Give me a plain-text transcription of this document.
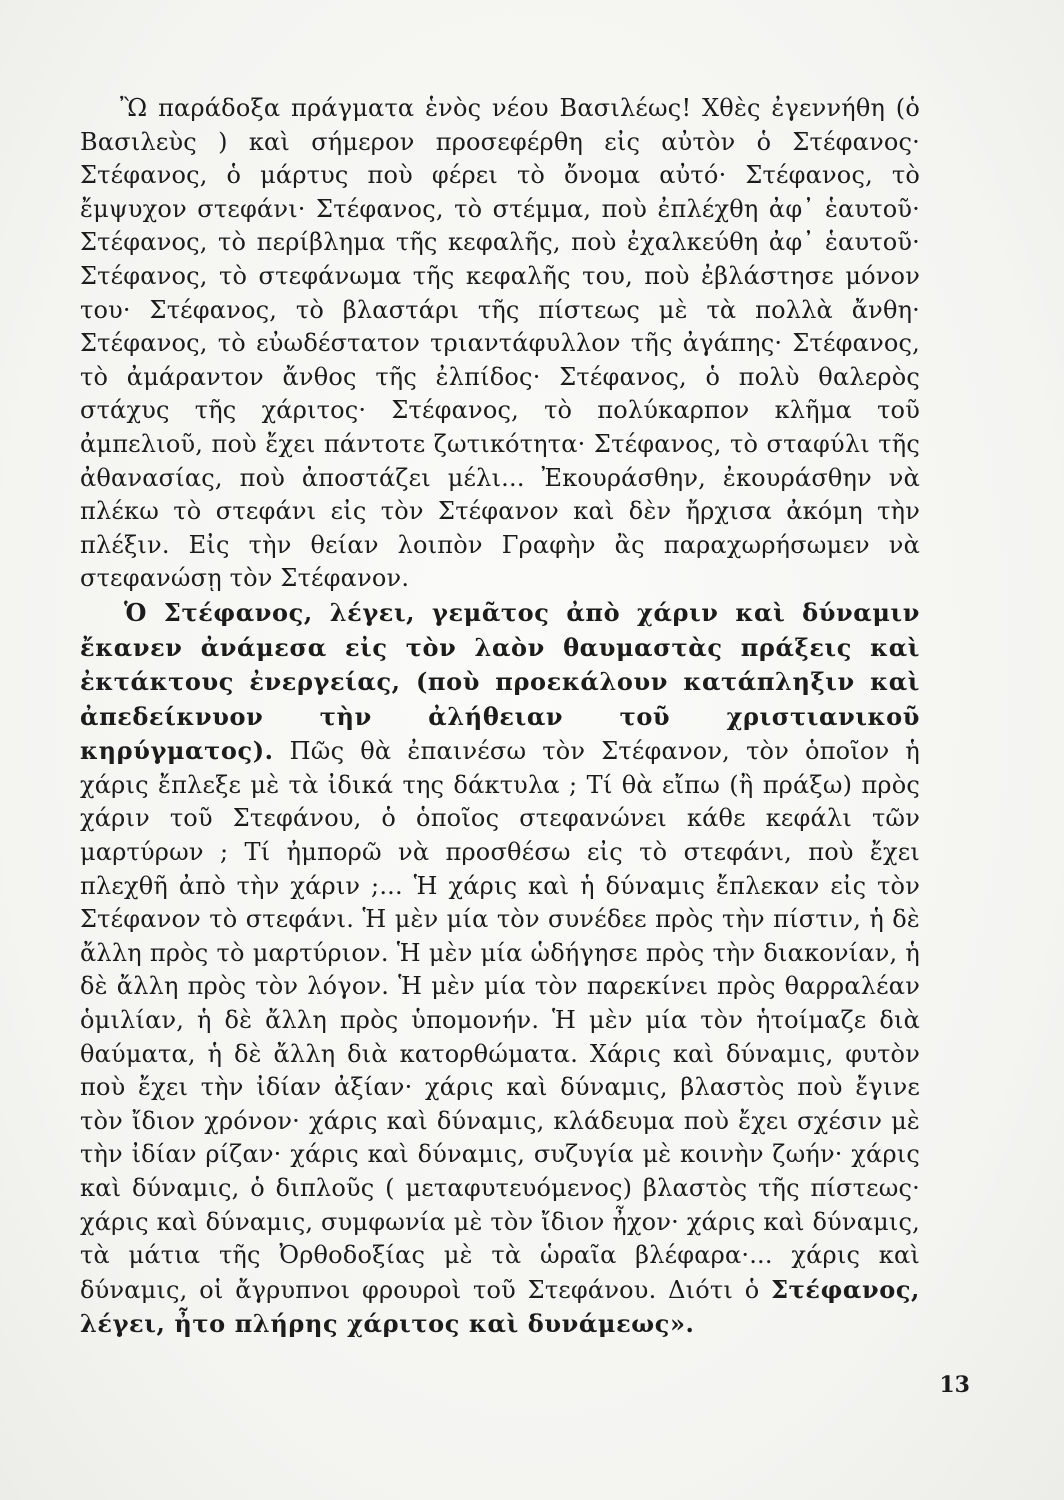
Ὢ παράδοξα πράγματα ἑνὸς νέου Βασιλέως! Χθὲς ἐγεννήθη (ὁ Βασιλεὺς ) καὶ σήμερον προσεφέρθη εἰς αὐτὸν ὁ Στέφανος· Στέφανος, ὁ μάρτυς ποὺ φέρει τὸ ὄνομα αὐτό· Στέφανος, τὸ ἔμψυχον στεφάνι· Στέφανος, τὸ στέμμα, ποὺ ἐπλέχθη ἀφ᾽ ἑαυτοῦ· Στέφανος, τὸ περίβλημα τῆς κεφαλῆς, ποὺ ἐχαλκεύθη ἀφ᾽ ἑαυτοῦ· Στέφανος, τὸ στεφάνωμα τῆς κεφαλῆς του, ποὺ ἐβλάστησε μόνον του· Στέφανος, τὸ βλαστάρι τῆς πίστεως μὲ τὰ πολλὰ ἄνθη· Στέφανος, τὸ εὐωδέστατον τριαντάφυλλον τῆς ἀγάπης· Στέφανος, τὸ ἀμάραντον ἄνθος τῆς ἐλπίδος· Στέφανος, ὁ πολὺ θαλερὸς στάχυς τῆς χάριτος· Στέφανος, τὸ πολύκαρπον κλῆμα τοῦ ἀμπελιοῦ, ποὺ ἔχει πάντοτε ζωτικότητα· Στέφανος, τὸ σταφύλι τῆς ἀθανασίας, ποὺ ἀποστάζει μέλι... Ἐκουράσθην, ἐκουράσθην νὰ πλέκω τὸ στεφάνι εἰς τὸν Στέφανον καὶ δὲν ἤρχισα ἀκόμη τὴν πλέξιν. Εἰς τὴν θείαν λοιπὸν Γραφὴν ἂς παραχωρήσωμεν νὰ στεφανώσῃ τὸν Στέφανον.

Ὁ Στέφανος, λέγει, γεμᾶτος ἀπὸ χάριν καὶ δύναμιν ἔκανεν ἀνάμεσα εἰς τὸν λαὸν θαυμαστὰς πράξεις καὶ ἐκτάκτους ἐνεργείας, (ποὺ προεκάλουν κατάπληξιν καὶ ἀπεδείκνυον τὴν ἀλήθειαν τοῦ χριστιανικοῦ κηρύγματος). Πῶς θὰ ἐπαινέσω τὸν Στέφανον, τὸν ὁποῖον ἡ χάρις ἔπλεξε μὲ τὰ ἰδικά της δάκτυλα ; Τί θὰ εἴπω (ἢ πράξω) πρὸς χάριν τοῦ Στεφάνου, ὁ ὁποῖος στεφανώνει κάθε κεφάλι τῶν μαρτύρων ; Τί ἠμπορῶ νὰ προσθέσω εἰς τὸ στεφάνι, ποὺ ἔχει πλεχθῆ ἀπὸ τὴν χάριν ;... Ἡ χάρις καὶ ἡ δύναμις ἔπλεκαν εἰς τὸν Στέφανον τὸ στεφάνι. Ἡ μὲν μία τὸν συνέδεε πρὸς τὴν πίστιν, ἡ δὲ ἄλλη πρὸς τὸ μαρτύριον. Ἡ μὲν μία ὡδήγησε πρὸς τὴν διακονίαν, ἡ δὲ ἄλλη πρὸς τὸν λόγον. Ἡ μὲν μία τὸν παρεκίνει πρὸς θαρραλέαν ὁμιλίαν, ἡ δὲ ἄλλη πρὸς ὑπομονήν. Ἡ μὲν μία τὸν ἡτοίμαζε διὰ θαύματα, ἡ δὲ ἄλλη διὰ κατορθώματα. Χάρις καὶ δύναμις, φυτὸν ποὺ ἔχει τὴν ἰδίαν ἀξίαν· χάρις καὶ δύναμις, βλαστὸς ποὺ ἔγινε τὸν ἴδιον χρόνον· χάρις καὶ δύναμις, κλάδευμα ποὺ ἔχει σχέσιν μὲ τὴν ἰδίαν ρίζαν· χάρις καὶ δύναμις, συζυγία μὲ κοινὴν ζωήν· χάρις καὶ δύναμις, ὁ διπλοῦς ( μεταφυτευόμενος) βλαστὸς τῆς πίστεως· χάρις καὶ δύναμις, συμφωνία μὲ τὸν ἴδιον ἦχον· χάρις καὶ δύναμις, τὰ μάτια τῆς Ὀρθοδοξίας μὲ τὰ ὡραῖα βλέφαρα·... χάρις καὶ δύναμις, οἱ ἄγρυπνοι φρουροὶ τοῦ Στεφάνου. Διότι ὁ Στέφανος, λέγει, ἦτο πλήρης χάριτος καὶ δυνάμεως».

13
